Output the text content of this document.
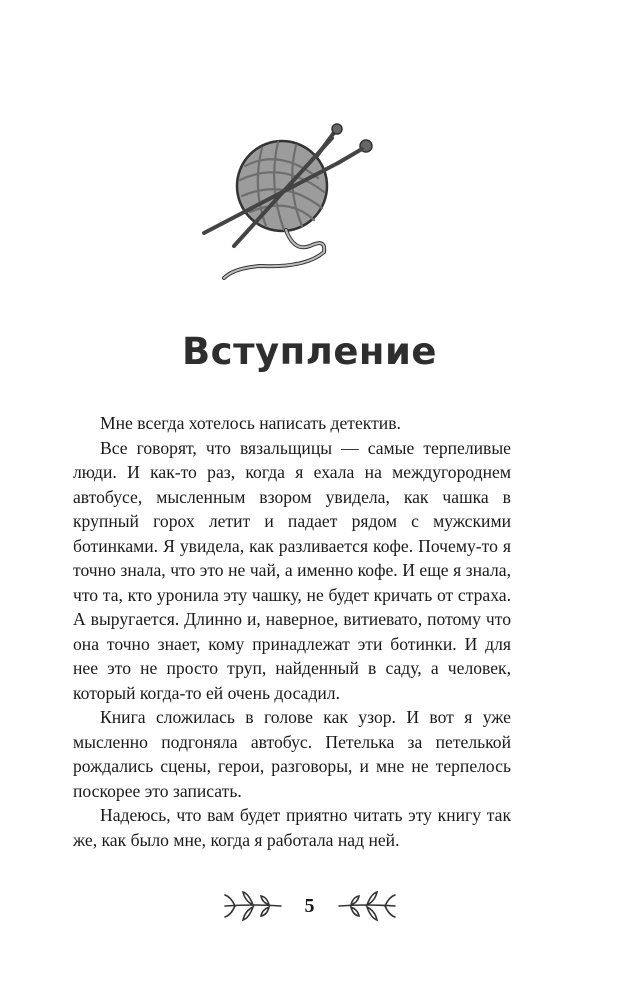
Вступление

Мне всегда хотелось написать детектив.

Все говорят, что вязальщицы — самые терпеливые люди. И как-то раз, когда я ехала на междугороднем автобусе, мысленным взором увидела, как чашка в крупный горох летит и падает рядом с мужскими ботинками. Я увидела, как разливается кофе. Почему-то я точно знала, что это не чай, а именно кофе. И еще я знала, что та, кто уронила эту чашку, не будет кричать от страха. А выругается. Длинно и, наверное, витиевато, потому что она точно знает, кому принадлежат эти ботинки. И для нее это не просто труп, найденный в саду, а человек, который когда-то ей очень досадил.

Книга сложилась в голове как узор. И вот я уже мысленно подгоняла автобус. Петелька за петелькой рождались сцены, герои, разговоры, и мне не терпелось поскорее это записать.

Надеюсь, что вам будет приятно читать эту книгу так же, как было мне, когда я работала над ней.

5
